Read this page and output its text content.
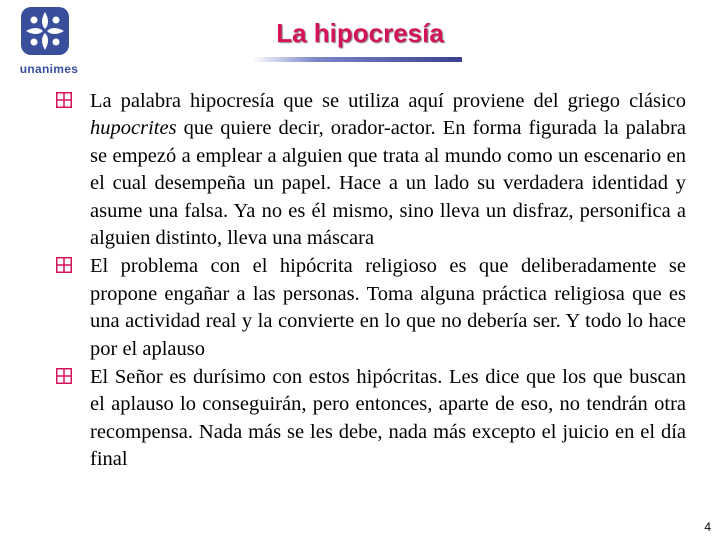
unanimes
La hipocresía
La palabra hipocresía que se utiliza aquí proviene del griego clásico hupocrites que quiere decir, orador-actor. En forma figurada la palabra se empezó a emplear a alguien que trata al mundo como un escenario en el cual desempeña un papel. Hace a un lado su verdadera identidad y asume una falsa. Ya no es él mismo, sino lleva un disfraz, personifica a alguien distinto, lleva una máscara
El problema con el hipócrita religioso es que deliberadamente se propone engañar a las personas. Toma alguna práctica religiosa que es una actividad real y la convierte en lo que no debería ser. Y todo lo hace por el aplauso
El Señor es durísimo con estos hipócritas. Les dice que los que buscan el aplauso lo conseguirán, pero entonces, aparte de eso, no tendrán otra recompensa. Nada más se les debe, nada más excepto el juicio en el día final
4
